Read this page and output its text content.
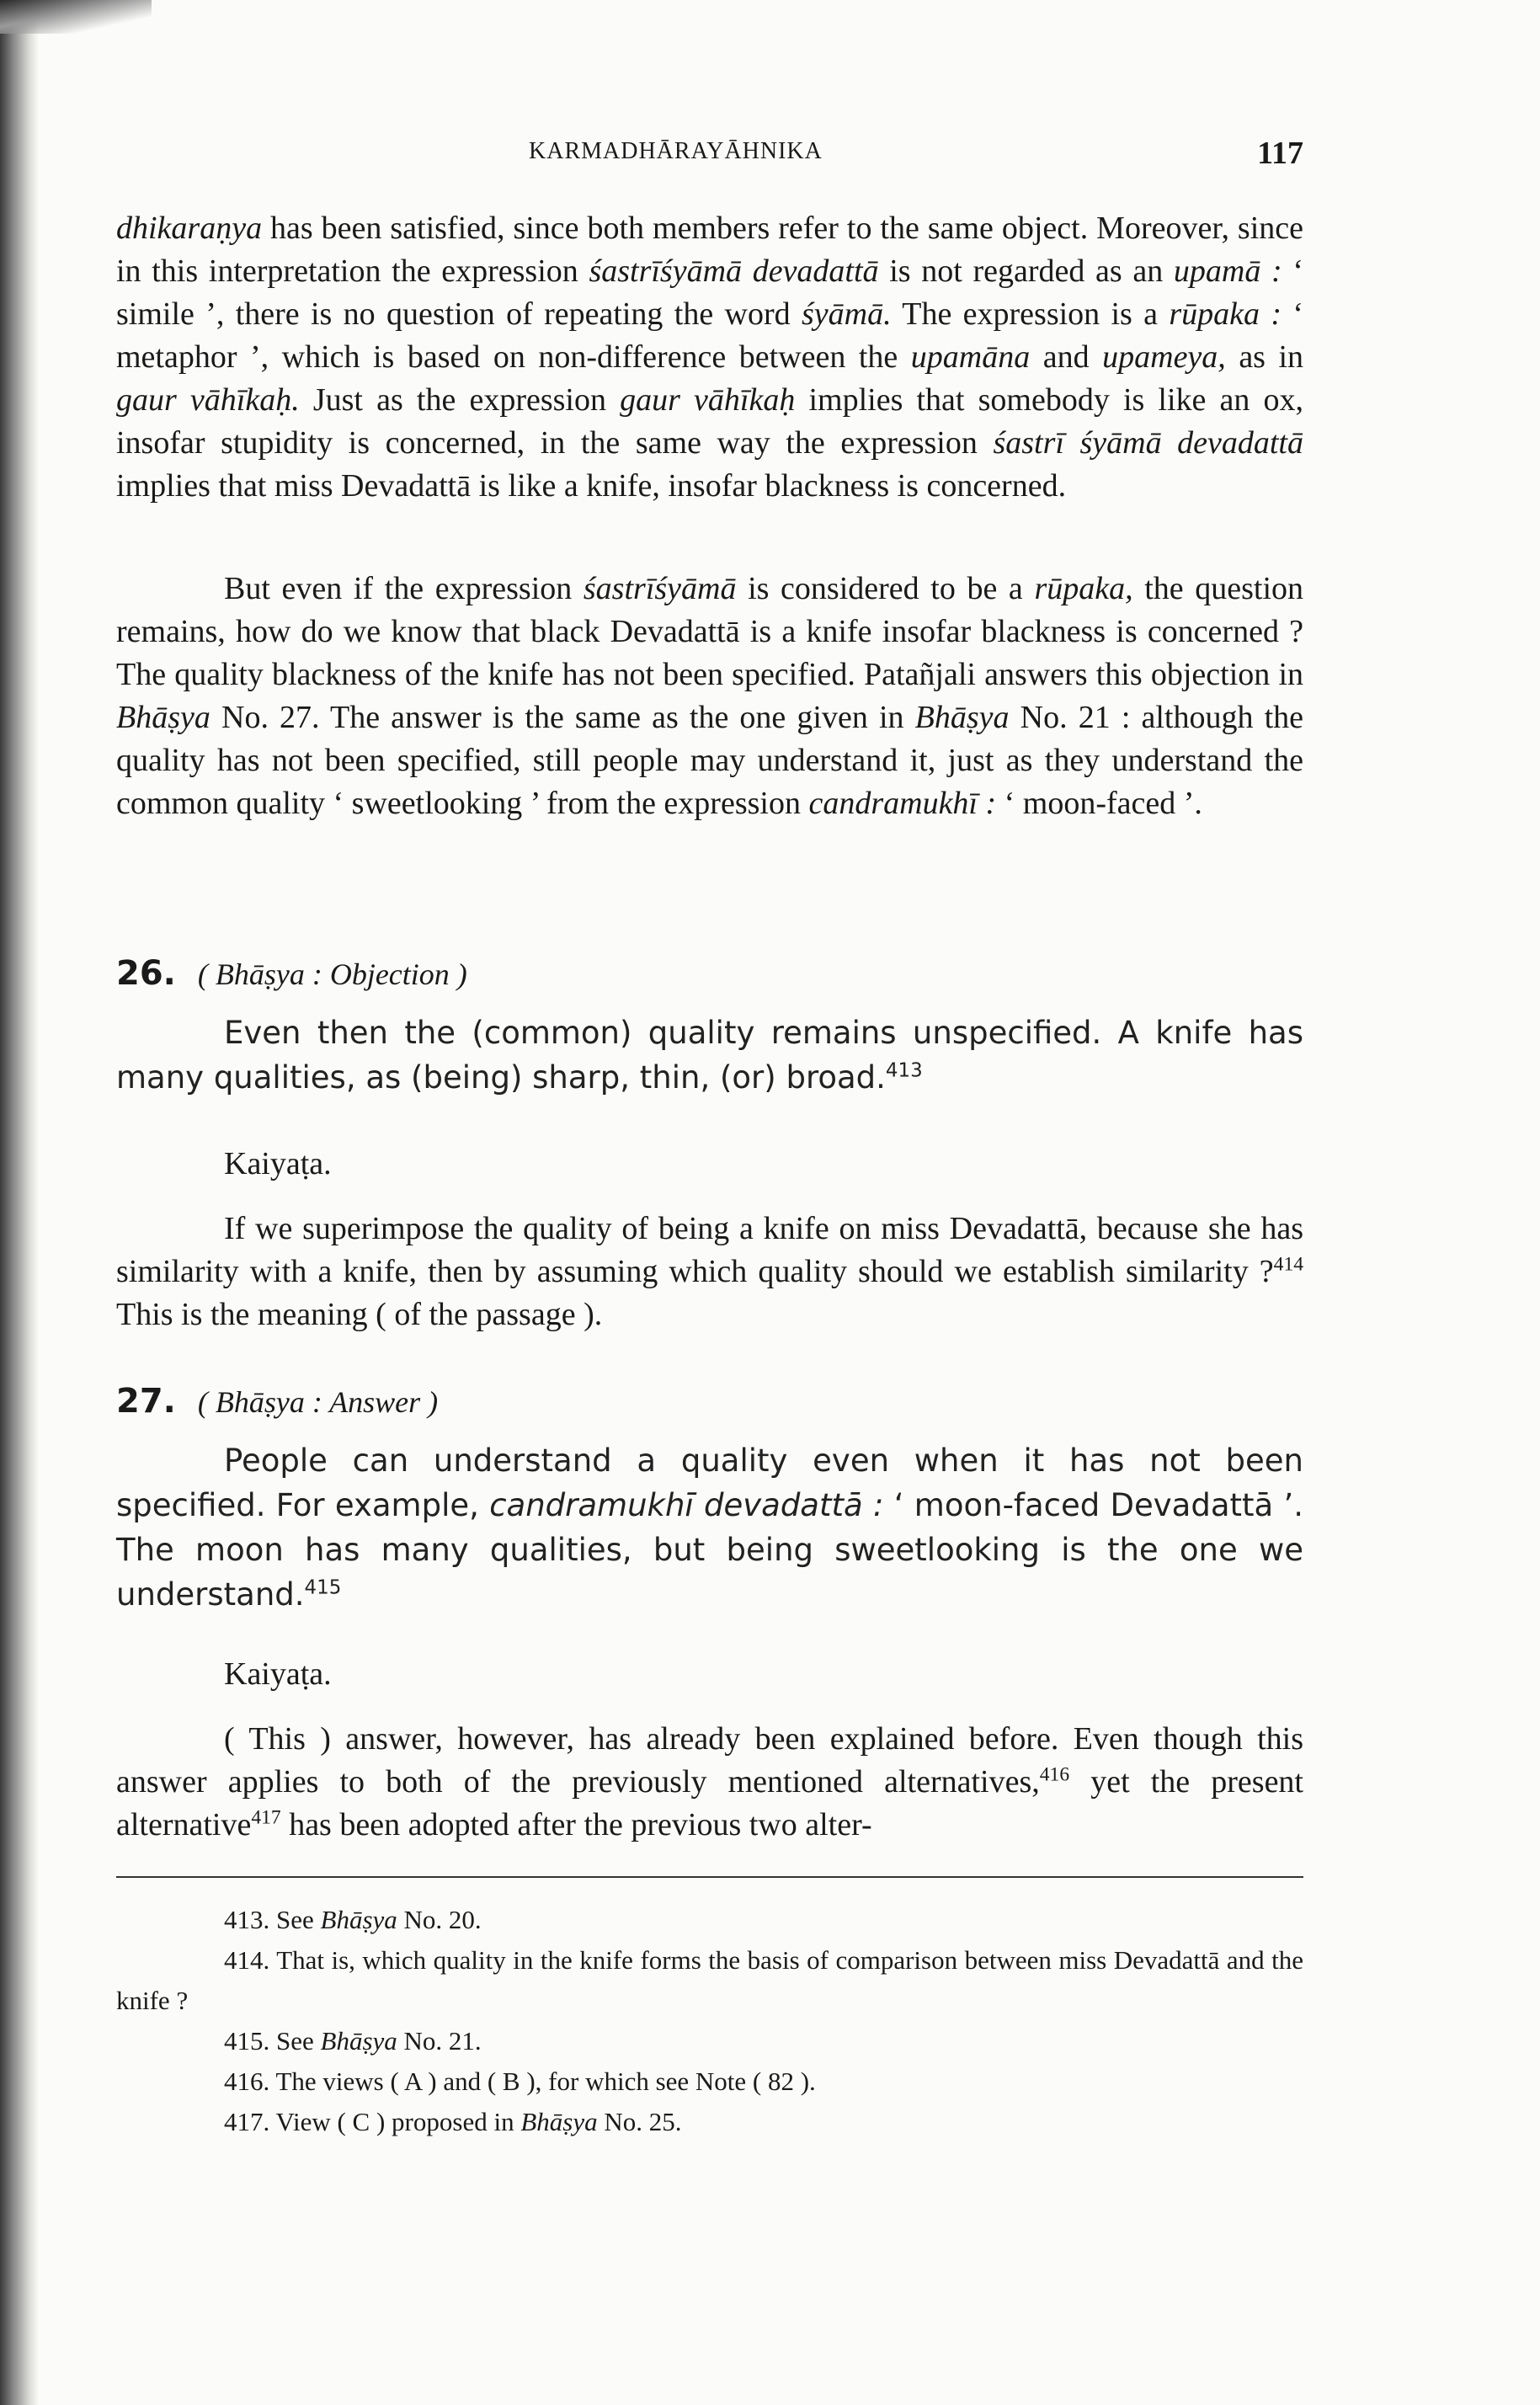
KARMADHĀRAYĀHNIKA	117

dhikaraṇya has been satisfied, since both members refer to the same object. Moreover, since in this interpretation the expression śastrīśyāmā devadattā is not regarded as an upamā : ‘ simile ’, there is no question of repeating the word śyāmā. The expression is a rūpaka : ‘ metaphor ’, which is based on non-difference between the upamāna and upameya, as in gaur vāhīkaḥ. Just as the expression gaur vāhīkaḥ implies that somebody is like an ox, insofar stupidity is concerned, in the same way the expression śastrī śyāmā devadattā implies that miss Devadattā is like a knife, insofar blackness is concerned.

But even if the expression śastrīśyāmā is considered to be a rūpaka, the question remains, how do we know that black Devadattā is a knife insofar blackness is concerned ? The quality blackness of the knife has not been specified. Patañjali answers this objection in Bhāṣya No. 27. The answer is the same as the one given in Bhāṣya No. 21 : although the quality has not been specified, still people may understand it, just as they understand the common quality ‘ sweetlooking ’ from the expression candramukhī : ‘ moon-faced ’.

26. ( Bhāṣya : Objection )

Even then the (common) quality remains unspecified. A knife has many qualities, as (being) sharp, thin, (or) broad.$^{413}$

Kaiyaṭa.

If we superimpose the quality of being a knife on miss Devadattā, because she has similarity with a knife, then by assuming which quality should we establish similarity ?$^{414}$ This is the meaning ( of the passage ).

27. ( Bhāṣya : Answer )

People can understand a quality even when it has not been specified. For example, candramukhī devadattā : ‘ moon-faced Devadattā ’. The moon has many qualities, but being sweetlooking is the one we understand.$^{415}$

Kaiyaṭa.

( This ) answer, however, has already been explained before. Even though this answer applies to both of the previously mentioned alternatives,$^{416}$ yet the present alternative$^{417}$ has been adopted after the previous two alter-

413. See Bhāṣya No. 20.

414. That is, which quality in the knife forms the basis of comparison between miss Devadattā and the knife ?

415. See Bhāṣya No. 21.

416. The views ( A ) and ( B ), for which see Note ( 82 ).

417. View ( C ) proposed in Bhāṣya No. 25.
